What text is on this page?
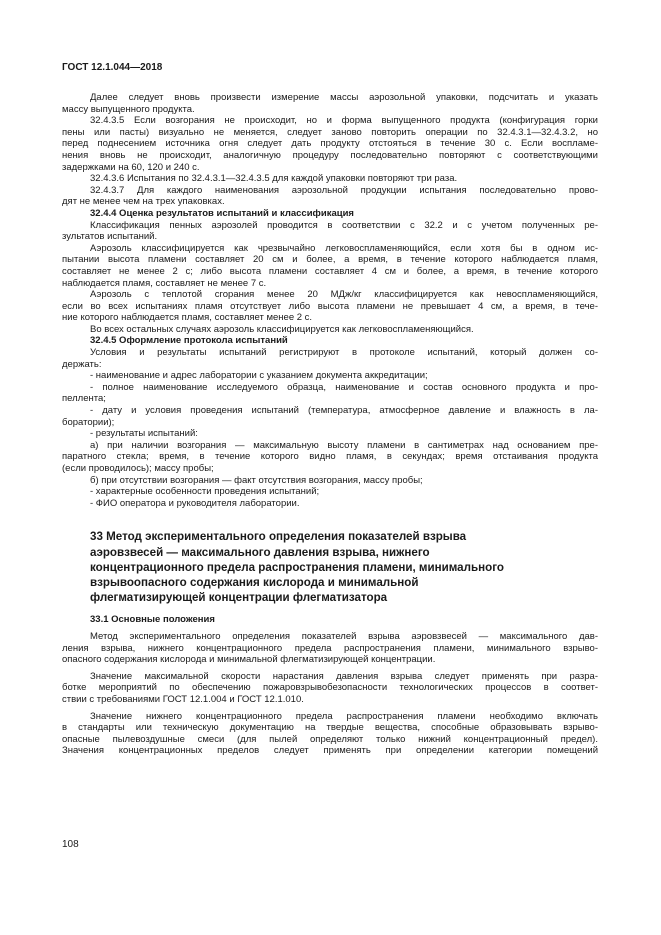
ГОСТ 12.1.044—2018

Далее следует вновь произвести измерение массы аэрозольной упаковки, подсчитать и указать
массу выпущенного продукта.

32.4.3.5 Если возгорания не происходит, но и форма выпущенного продукта (конфигурация горки
пены или пасты) визуально не меняется, следует заново повторить операции по 32.4.3.1—32.4.3.2, но
перед поднесением источника огня следует дать продукту отстояться в течение 30 с. Если воспламе-
нения вновь не происходит, аналогичную процедуру последовательно повторяют с соответствующими
задержками на 60, 120 и 240 с.

32.4.3.6 Испытания по 32.4.3.1—32.4.3.5 для каждой упаковки повторяют три раза.

32.4.3.7 Для каждого наименования аэрозольной продукции испытания последовательно прово-
дят не менее чем на трех упаковках.

32.4.4 Оценка результатов испытаний и классификация

Классификация пенных аэрозолей проводится в соответствии с 32.2 и с учетом полученных ре-
зультатов испытаний.

Аэрозоль классифицируется как чрезвычайно легковоспламеняющийся, если хотя бы в одном ис-
пытании высота пламени составляет 20 см и более, а время, в течение которого наблюдается пламя,
составляет не менее 2 с; либо высота пламени составляет 4 см и более, а время, в течение которого
наблюдается пламя, составляет не менее 7 с.

Аэрозоль с теплотой сгорания менее 20 МДж/кг классифицируется как невоспламеняющийся,
если во всех испытаниях пламя отсутствует либо высота пламени не превышает 4 см, а время, в тече-
ние которого наблюдается пламя, составляет менее 2 с.

Во всех остальных случаях аэрозоль классифицируется как легковоспламеняющийся.

32.4.5 Оформление протокола испытаний

Условия и результаты испытаний регистрируют в протоколе испытаний, который должен со-
держать:

- наименование и адрес лаборатории с указанием документа аккредитации;

- полное наименование исследуемого образца, наименование и состав основного продукта и про-
пеллента;

- дату и условия проведения испытаний (температура, атмосферное давление и влажность в ла-
боратории);

- результаты испытаний:

а) при наличии возгорания — максимальную высоту пламени в сантиметрах над основанием пре-
паратного стекла; время, в течение которого видно пламя, в секундах; время отстаивания продукта
(если проводилось); массу пробы;

б) при отсутствии возгорания — факт отсутствия возгорания, массу пробы;

- характерные особенности проведения испытаний;

- ФИО оператора и руководителя лаборатории.

33 Метод экспериментального определения показателей взрыва
аэровзвесей — максимального давления взрыва, нижнего
концентрационного предела распространения пламени, минимального
взрывоопасного содержания кислорода и минимальной
флегматизирующей концентрации флегматизатора
33.1 Основные положения

Метод экспериментального определения показателей взрыва аэровзвесей — максимального дав-
ления взрыва, нижнего концентрационного предела распространения пламени, минимального взрыво-
опасного содержания кислорода и минимальной флегматизирующей концентрации.

Значение максимальной скорости нарастания давления взрыва следует применять при разра-
ботке мероприятий по обеспечению пожаровзрывобезопасности технологических процессов в соответ-
ствии с требованиями ГОСТ 12.1.004 и ГОСТ 12.1.010.

Значение нижнего концентрационного предела распространения пламени необходимо включать
в стандарты или техническую документацию на твердые вещества, способные образовывать взрыво-
опасные пылевоздушные смеси (для пылей определяют только нижний концентрационный предел).
Значения концентрационных пределов следует применять при определении категории помещений

108
